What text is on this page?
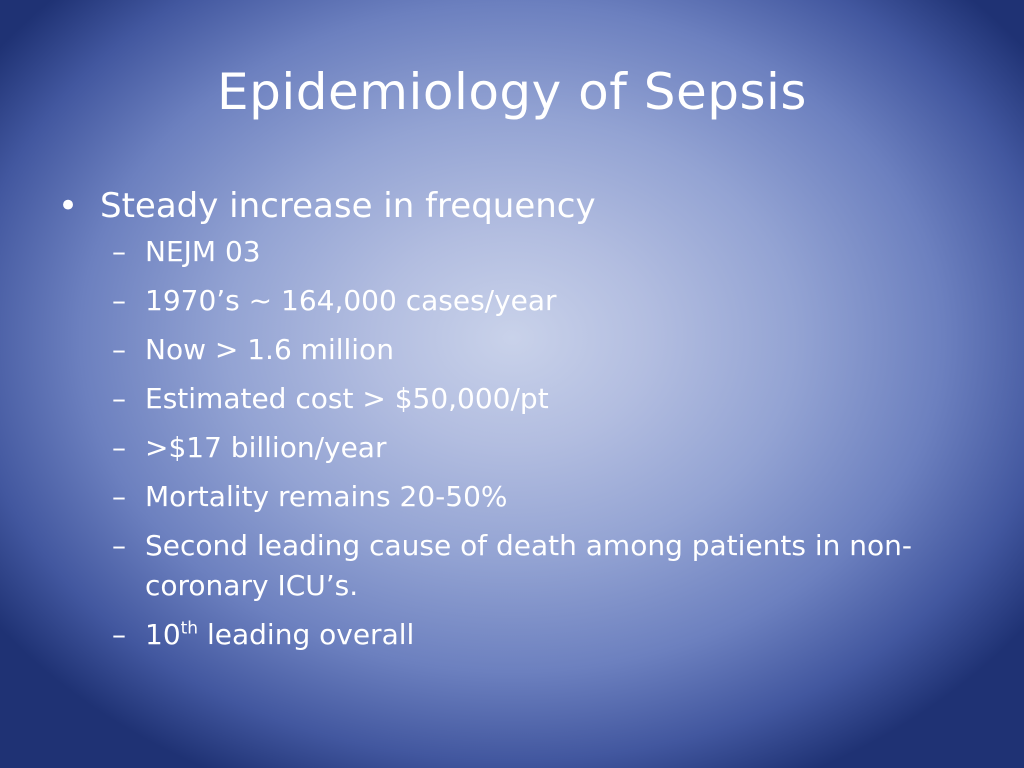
Epidemiology of Sepsis
• Steady increase in frequency
– NEJM 03
– 1970’s ~ 164,000 cases/year
– Now > 1.6 million
– Estimated cost > $50,000/pt
– >$17 billion/year
– Mortality remains 20-50%
– Second leading cause of death among patients in non-coronary ICU’s.
– 10th leading overall
